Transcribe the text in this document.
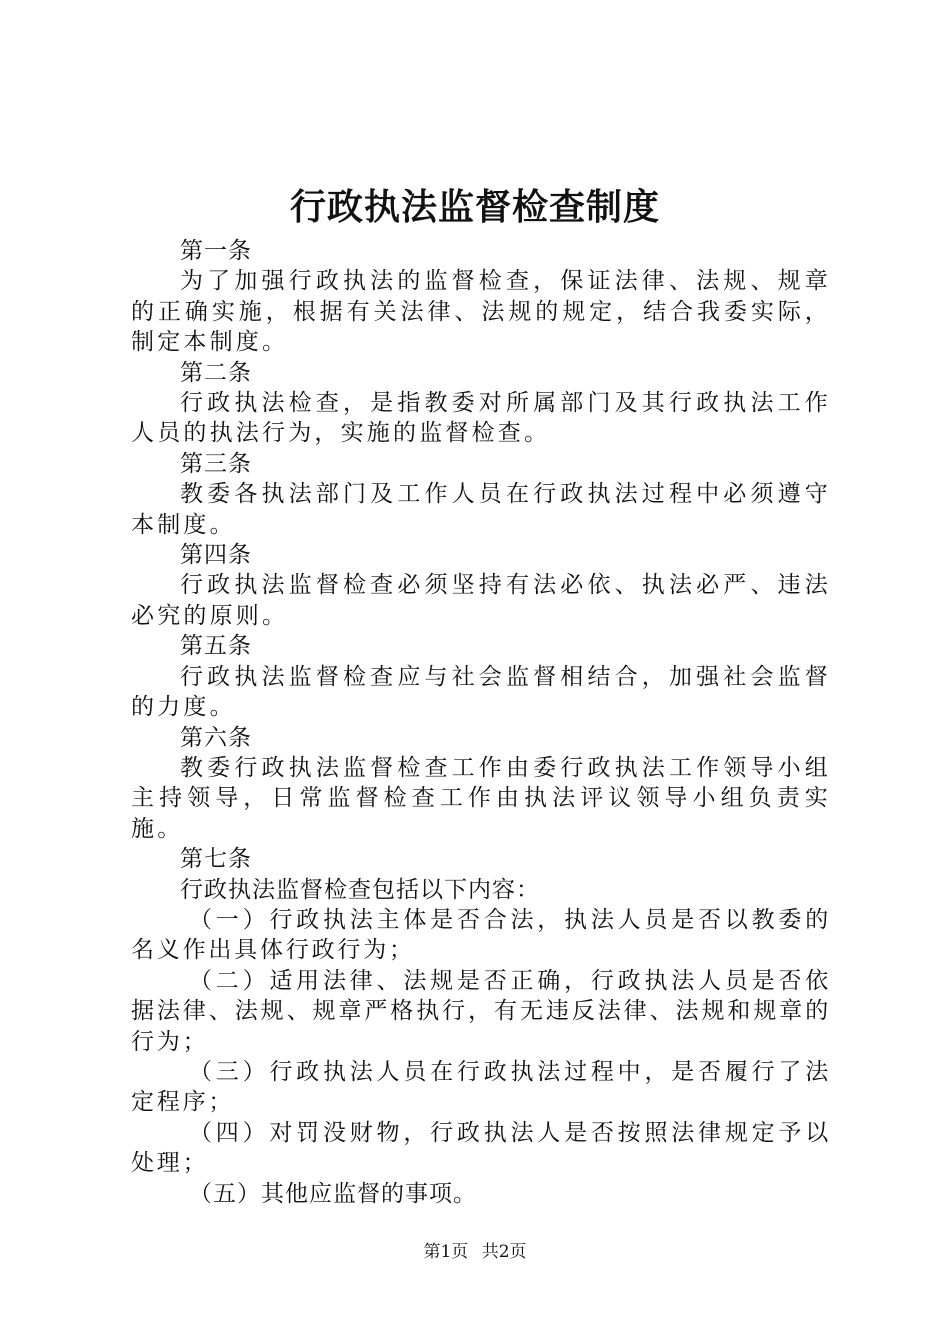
行政执法监督检查制度
第一条

为了加强行政执法的监督检查，保证法律、法规、规章的正确实施，根据有关法律、法规的规定，结合我委实际，制定本制度。

第二条

行政执法检查，是指教委对所属部门及其行政执法工作人员的执法行为，实施的监督检查。

第三条

教委各执法部门及工作人员在行政执法过程中必须遵守本制度。

第四条

行政执法监督检查必须坚持有法必依、执法必严、违法必究的原则。

第五条

行政执法监督检查应与社会监督相结合，加强社会监督的力度。

第六条

教委行政执法监督检查工作由委行政执法工作领导小组主持领导，日常监督检查工作由执法评议领导小组负责实施。

第七条

行政执法监督检查包括以下内容：

（一）行政执法主体是否合法，执法人员是否以教委的名义作出具体行政行为；

（二）适用法律、法规是否正确，行政执法人员是否依据法律、法规、规章严格执行，有无违反法律、法规和规章的行为；

（三）行政执法人员在行政执法过程中，是否履行了法定程序；

（四）对罚没财物，行政执法人是否按照法律规定予以处理；

（五）其他应监督的事项。

第1页 共2页
